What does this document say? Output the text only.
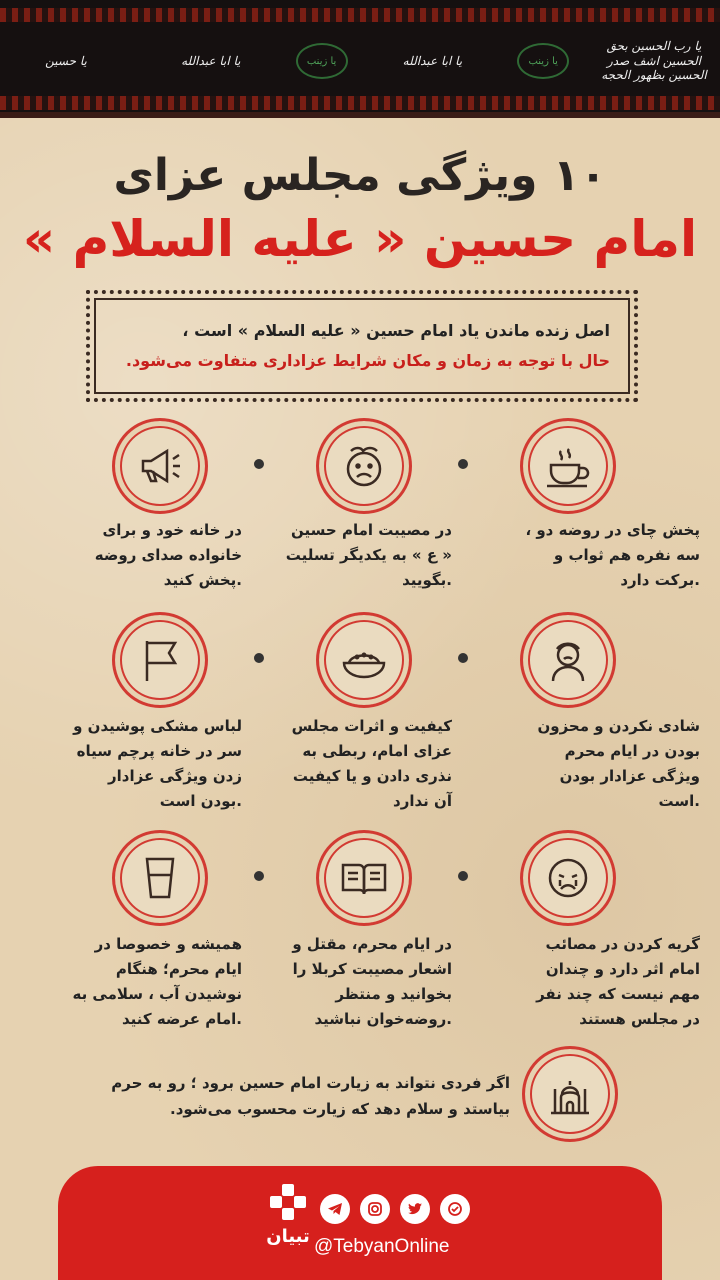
یا رب الحسین بحق الحسین اشف صدر الحسین بظهور الحجه
یا زینب
یا ابا عبدالله
یا زینب
یا ابا عبدالله
یا حسین
۱۰ ویژگی مجلس عزای
امام حسین « علیه السلام »
اصل زنده ماندن یاد امام حسین « علیه السلام » است ،
حال با توجه به زمان و مکان شرایط عزاداری متفاوت می‌شود.
پخش چای در روضه دو ، سه نفره هم ثواب و برکت دارد.
در مصیبت امام حسین « ع » به یکدیگر تسلیت بگویید.
در خانه خود و برای خانواده صدای روضه پخش کنید.
شادی نکردن و محزون بودن در ایام محرم ویژگی عزادار بودن است.
کیفیت و اثرات مجلس عزای امام، ربطی به نذری دادن و یا کیفیت آن ندارد
لباس مشکی پوشیدن و سر در خانه پرچم سیاه زدن ویژگی عزادار بودن است.
گریه کردن در مصائب امام اثر دارد و چندان مهم نیست که چند نفر در مجلس هستند
در ایام محرم، مقتل و اشعار مصیبت کربلا را بخوانید و منتظر روضه‌خوان نباشید.
همیشه و خصوصا در ایام محرم؛ هنگام نوشیدن آب ، سلامی به امام عرضه کنید.
اگر فردی نتواند به زیارت امام حسین برود ؛ رو به حرم بیاستد و سلام دهد که زیارت محسوب می‌شود.
تبیان @TebyanOnline
